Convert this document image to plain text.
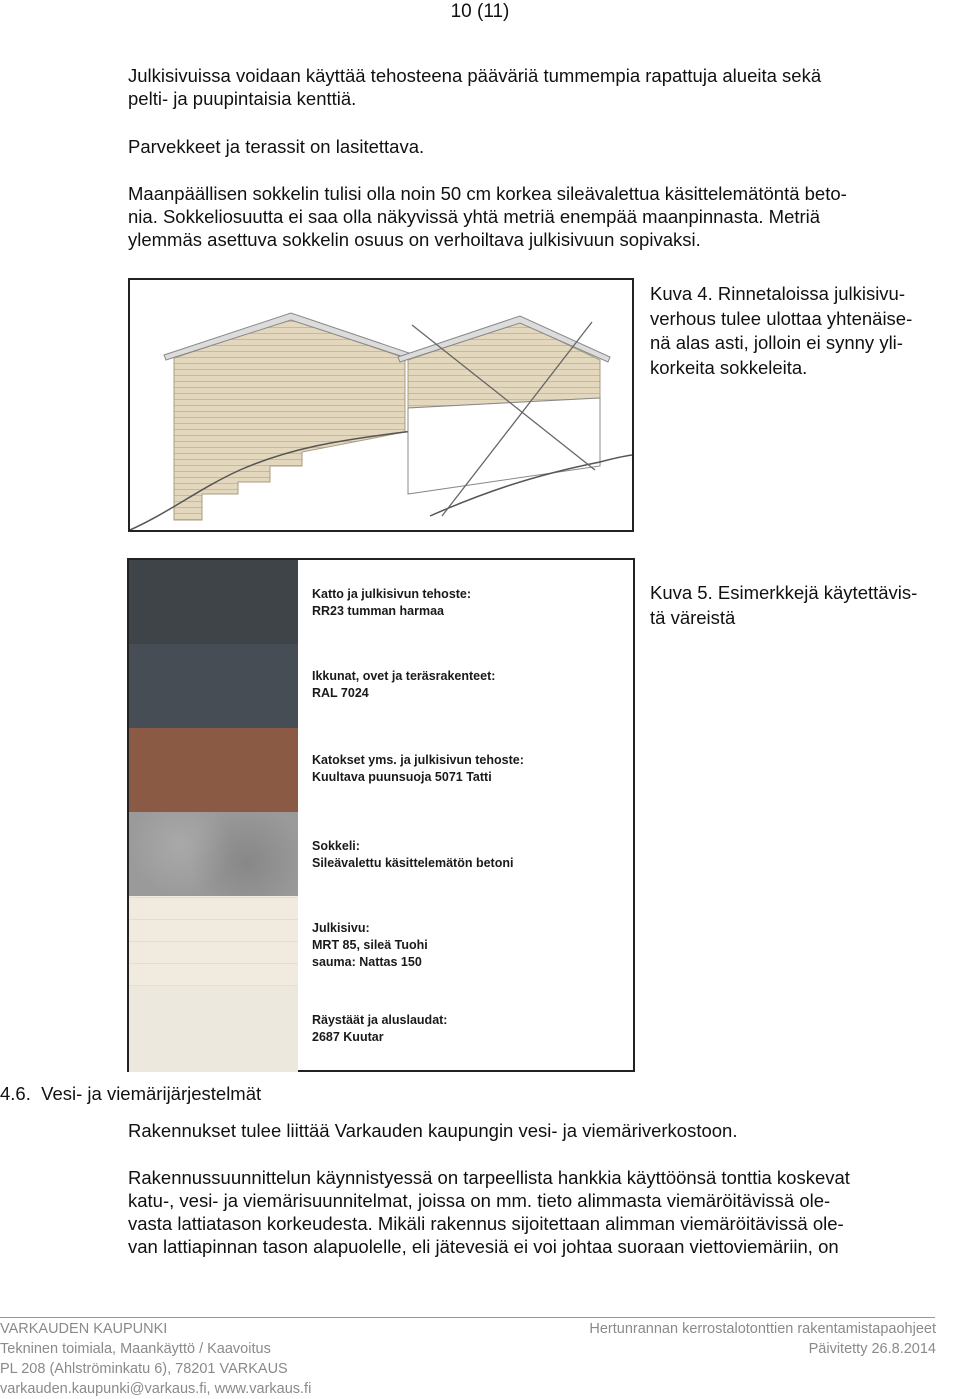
10 (11)
Julkisivuissa voidaan käyttää tehosteena pääväriä tummempia rapattuja alueita sekä
pelti- ja puupintaisia kenttiä.
Parvekkeet ja terassit on lasitettava.
Maanpäällisen sokkelin tulisi olla noin 50 cm korkea sileävalettua käsittelemätöntä beto-
nia. Sokkeliosuutta ei saa olla näkyvissä yhtä metriä enempää maanpinnasta. Metriä
ylemmäs asettuva sokkelin osuus on verhoiltava julkisivuun sopivaksi.
Kuva 4. Rinnetaloissa julkisivu-
verhous tulee ulottaa yhtenäise-
nä alas asti, jolloin ei synny yli-
korkeita sokkeleita.
Katto ja julkisivun tehoste:
RR23 tumman harmaa
Ikkunat, ovet ja teräsrakenteet:
RAL 7024
Katokset yms. ja julkisivun tehoste:
Kuultava puunsuoja 5071 Tatti
Sokkeli:
Sileävalettu käsittelemätön betoni
Julkisivu:
MRT 85, sileä Tuohi
sauma: Nattas 150
Räystäät ja aluslaudat:
2687 Kuutar
Kuva 5. Esimerkkejä käytettävis-
tä väreistä
4.6.  Vesi- ja viemärijärjestelmät
Rakennukset tulee liittää Varkauden kaupungin vesi- ja viemäriverkostoon.
Rakennussuunnittelun käynnistyessä on tarpeellista hankkia käyttöönsä tonttia koskevat
katu-, vesi- ja viemärisuunnitelmat, joissa on mm. tieto alimmasta viemäröitävissä ole-
vasta lattiatason korkeudesta. Mikäli rakennus sijoitettaan alimman viemäröitävissä ole-
van lattiapinnan tason alapuolelle, eli jätevesiä ei voi johtaa suoraan viettoviemäriin, on
VARKAUDEN KAUPUNKI
Tekninen toimiala, Maankäyttö / Kaavoitus
PL 208 (Ahlströminkatu 6), 78201 VARKAUS
varkauden.kaupunki@varkaus.fi, www.varkaus.fi
Hertunrannan kerrostalotonttien rakentamistapaohjeet
Päivitetty 26.8.2014
